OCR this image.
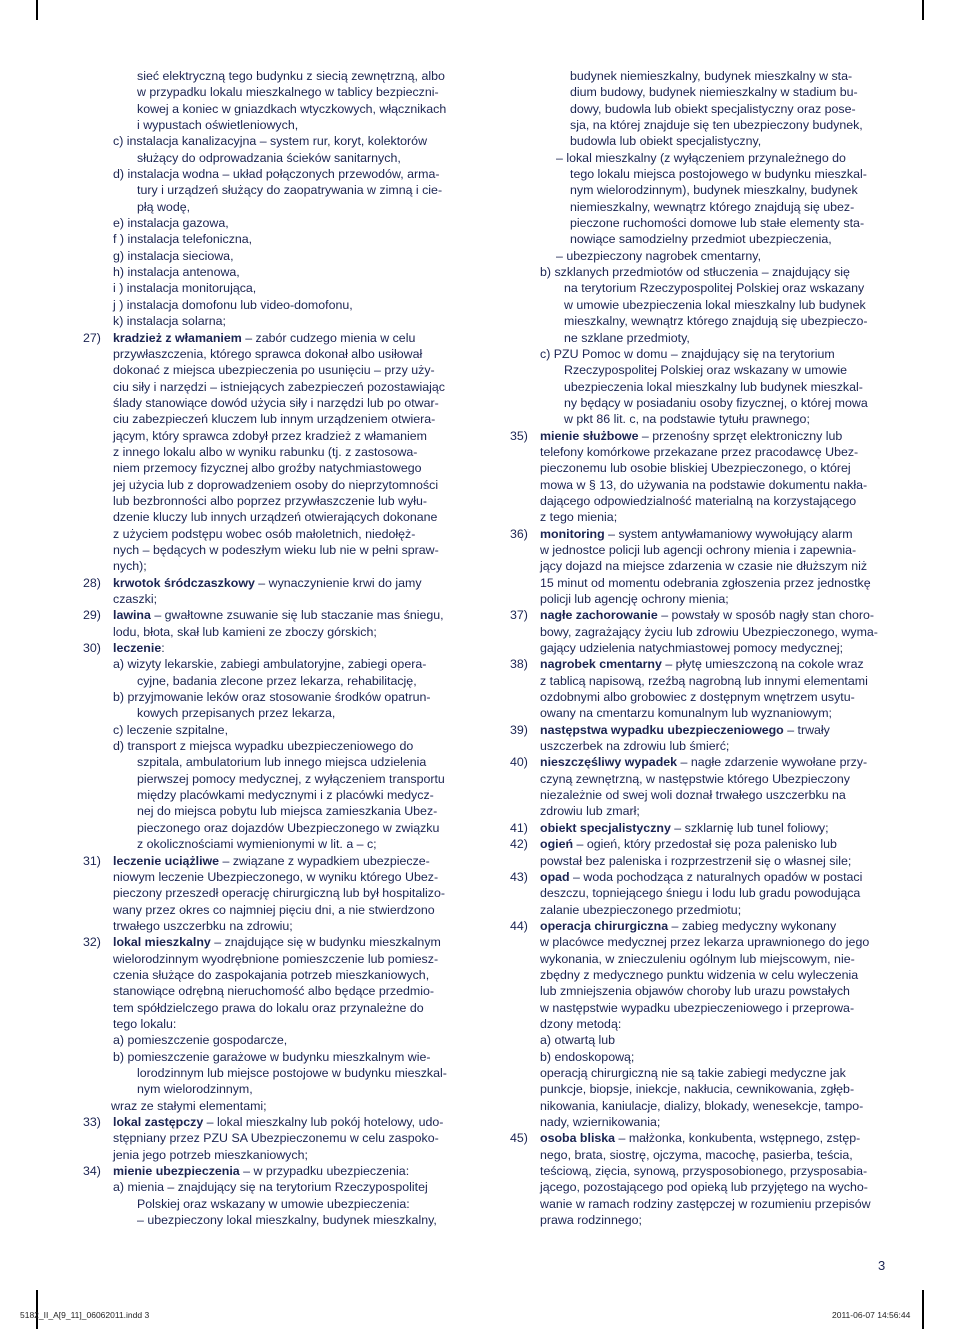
sieć elektryczną tego budynku z siecią zewnętrzną, albo
w przypadku lokalu mieszkalnego w tablicy bezpieczni-
kowej a koniec w gniazdkach wtyczkowych, włącznikach
i wypustach oświetleniowych,
c) instalacja kanalizacyjna – system rur, koryt, kolektorów
służący do odprowadzania ścieków sanitarnych,
d) instalacja wodna – układ połączonych przewodów, arma-
tury i urządzeń służący do zaopatrywania w zimną i cie-
płą wodę,
e) instalacja gazowa,
f ) instalacja telefoniczna,
g) instalacja sieciowa,
h) instalacja antenowa,
i ) instalacja monitorująca,
j ) instalacja domofonu lub video-domofonu,
k) instalacja solarna;
27) kradzież z włamaniem – zabór cudzego mienia w celu
przywłaszczenia, którego sprawca dokonał albo usiłował
dokonać z miejsca ubezpieczenia po usunięciu – przy uży-
ciu siły i narzędzi – istniejących zabezpieczeń pozostawiając
ślady stanowiące dowód użycia siły i narzędzi lub po otwar-
ciu zabezpieczeń kluczem lub innym urządzeniem otwiera-
jącym, który sprawca zdobył przez kradzież z włamaniem
z innego lokalu albo w wyniku rabunku (tj. z zastosowa-
niem przemocy fizycznej albo groźby natychmiastowego
jej użycia lub z doprowadzeniem osoby do nieprzytomności
lub bezbronności albo poprzez przywłaszczenie lub wyłu-
dzenie kluczy lub innych urządzeń otwierających dokonane
z użyciem podstępu wobec osób małoletnich, niedołęż-
nych – będących w podeszłym wieku lub nie w pełni spraw-
nych);
28) krwotok śródczaszkowy – wynaczynienie krwi do jamy
czaszki;
29) lawina – gwałtowne zsuwanie się lub staczanie mas śniegu,
lodu, błota, skał lub kamieni ze zboczy górskich;
30) leczenie:
a) wizyty lekarskie, zabiegi ambulatoryjne, zabiegi opera-
cyjne, badania zlecone przez lekarza, rehabilitację,
b) przyjmowanie leków oraz stosowanie środków opatrun-
kowych przepisanych przez lekarza,
c) leczenie szpitalne,
d) transport z miejsca wypadku ubezpieczeniowego do
szpitala, ambulatorium lub innego miejsca udzielenia
pierwszej pomocy medycznej, z wyłączeniem transportu
między placówkami medycznymi i z placówki medycz-
nej do miejsca pobytu lub miejsca zamieszkania Ubez-
pieczonego oraz dojazdów Ubezpieczonego w związku
z okolicznościami wymienionymi w lit. a – c;
31) leczenie uciążliwe – związane z wypadkiem ubezpiecze-
niowym leczenie Ubezpieczonego, w wyniku którego Ubez-
pieczony przeszedł operację chirurgiczną lub był hospitalizo-
wany przez okres co najmniej pięciu dni, a nie stwierdzono
trwałego uszczerbku na zdrowiu;
32) lokal mieszkalny – znajdujące się w budynku mieszkalnym
wielorodzinnym wyodrębnione pomieszczenie lub pomiesz-
czenia służące do zaspokajania potrzeb mieszkaniowych,
stanowiące odrębną nieruchomość albo będące przedmio-
tem spółdzielczego prawa do lokalu oraz przynależne do
tego lokalu:
a) pomieszczenie gospodarcze,
b) pomieszczenie garażowe w budynku mieszkalnym wie-
lorodzinnym lub miejsce postojowe w budynku mieszkal-
nym wielorodzinnym,
wraz ze stałymi elementami;
33) lokal zastępczy – lokal mieszkalny lub pokój hotelowy, udo-
stępniany przez PZU SA Ubezpieczonemu w celu zaspoko-
jenia jego potrzeb mieszkaniowych;
34) mienie ubezpieczenia – w przypadku ubezpieczenia:
a) mienia – znajdujący się na terytorium Rzeczypospolitej
Polskiej oraz wskazany w umowie ubezpieczenia:
– ubezpieczony lokal mieszkalny, budynek mieszkalny,
budynek niemieszkalny, budynek mieszkalny w sta-
dium budowy, budynek niemieszkalny w stadium bu-
dowy, budowla lub obiekt specjalistyczny oraz pose-
sja, na której znajduje się ten ubezpieczony budynek,
budowla lub obiekt specjalistyczny,
– lokal mieszkalny (z wyłączeniem przynależnego do
tego lokalu miejsca postojowego w budynku mieszkal-
nym wielorodzinnym), budynek mieszkalny, budynek
niemieszkalny, wewnątrz którego znajdują się ubez-
pieczone ruchomości domowe lub stałe elementy sta-
nowiące samodzielny przedmiot ubezpieczenia,
– ubezpieczony nagrobek cmentarny,
b) szklanych przedmiotów od stłuczenia – znajdujący się
na terytorium Rzeczypospolitej Polskiej oraz wskazany
w umowie ubezpieczenia lokal mieszkalny lub budynek
mieszkalny, wewnątrz którego znajdują się ubezpieczo-
ne szklane przedmioty,
c) PZU Pomoc w domu – znajdujący się na terytorium
Rzeczypospolitej Polskiej oraz wskazany w umowie
ubezpieczenia lokal mieszkalny lub budynek mieszkal-
ny będący w posiadaniu osoby fizycznej, o której mowa
w pkt 86 lit. c, na podstawie tytułu prawnego;
35) mienie służbowe – przenośny sprzęt elektroniczny lub
telefony komórkowe przekazane przez pracodawcę Ubez-
pieczonemu lub osobie bliskiej Ubezpieczonego, o której
mowa w § 13, do używania na podstawie dokumentu nakła-
dającego odpowiedzialność materialną na korzystającego
z tego mienia;
36) monitoring – system antywłamaniowy wywołujący alarm
w jednostce policji lub agencji ochrony mienia i zapewnia-
jący dojazd na miejsce zdarzenia w czasie nie dłuższym niż
15 minut od momentu odebrania zgłoszenia przez jednostkę
policji lub agencję ochrony mienia;
37) nagłe zachorowanie – powstały w sposób nagły stan choro-
bowy, zagrażający życiu lub zdrowiu Ubezpieczonego, wyma-
gający udzielenia natychmiastowej pomocy medycznej;
38) nagrobek cmentarny – płytę umieszczoną na cokole wraz
z tablicą napisową, rzeźbą nagrobną lub innymi elementami
ozdobnymi albo grobowiec z dostępnym wnętrzem usytu-
owany na cmentarzu komunalnym lub wyznaniowym;
39) następstwa wypadku ubezpieczeniowego – trwały
uszczerbek na zdrowiu lub śmierć;
40) nieszczęśliwy wypadek – nagłe zdarzenie wywołane przy-
czyną zewnętrzną, w następstwie którego Ubezpieczony
niezależnie od swej woli doznał trwałego uszczerbku na
zdrowiu lub zmarł;
41) obiekt specjalistyczny – szklarnię lub tunel foliowy;
42) ogień – ogień, który przedostał się poza palenisko lub
powstał bez paleniska i rozprzestrzenił się o własnej sile;
43) opad – woda pochodząca z naturalnych opadów w postaci
deszczu, topniejącego śniegu i lodu lub gradu powodująca
zalanie ubezpieczonego przedmiotu;
44) operacja chirurgiczna – zabieg medyczny wykonany
w placówce medycznej przez lekarza uprawnionego do jego
wykonania, w znieczuleniu ogólnym lub miejscowym, nie-
zbędny z medycznego punktu widzenia w celu wyleczenia
lub zmniejszenia objawów choroby lub urazu powstałych
w następstwie wypadku ubezpieczeniowego i przeprowa-
dzony metodą:
a) otwartą lub
b) endoskopową;
operacją chirurgiczną nie są takie zabiegi medyczne jak
punkcje, biopsje, iniekcje, nakłucia, cewnikowania, zgłęb-
nikowania, kaniulacje, dializy, blokady, wenesekcje, tampo-
nady, wziernikowania;
45) osoba bliska – małżonka, konkubenta, wstępnego, zstęp-
nego, brata, siostrę, ojczyma, macochę, pasierba, teścia,
teściową, zięcia, synową, przysposobionego, przysposabia-
jącego, pozostającego pod opieką lub przyjętego na wycho-
wanie w ramach rodziny zastępczej w rozumieniu przepisów
prawa rodzinnego;
3
5182_II_A[9_11]_06062011.indd 3	2011-06-07 14:56:44
